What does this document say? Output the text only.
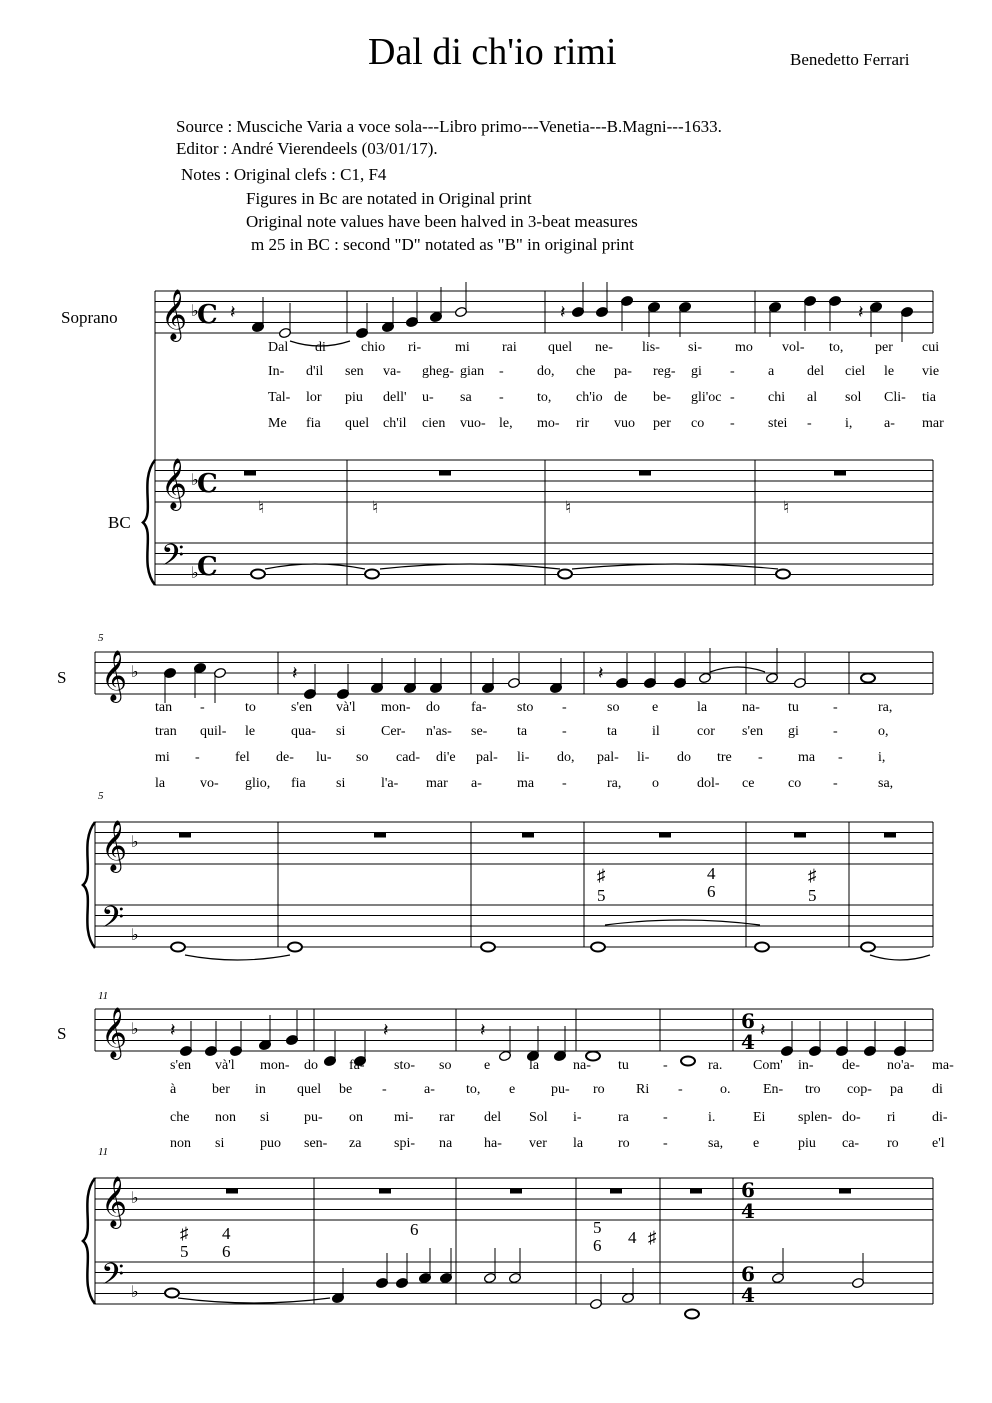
Dal di ch'io rimi	Benedetto Ferrari
Source : Musciche Varia a voce sola---Libro primo---Venetia---B.Magni---1633.
Editor : André Vierendeels (03/01/17).
Notes : Original clefs : C1, F4
Figures in Bc are notated in Original print
Original note values have been halved in 3-beat measures
m 25 in BC : second "D" notated as "B" in original print
Soprano
BC
S
S
5
5
11
11
𝄞
𝄞
𝄢
♭
♭
♭
𝄞
𝄞
𝄢
♭
♭
♭
𝄞
𝄞
𝄢
♭
♭
♭
C
C
C
6
4
6
4
6
4
𝄽	𝄽	𝄽
𝄽	𝄽
𝄽	𝄽	𝄽	𝄽
Dal di	chio ri- mi rai quel ne- lis- si- mo vol- to, per cui
In- d'il sen va- gheg- gian - do, che pa- reg- gi - a del ciel le vie
Tal- lor piu dell' u- sa - to, ch'io de be- gli'oc - chi al sol Cli- tia
Me fia quel ch'il cien vuo- le, mo- rir vuo per co - stei - i, a- mar
tan -	to	s'en và'l mon- do fa- sto -	so e	la na- tu -	ra,
tran quil- le	qua- si	Cer- n'as- se- ta -	ta il	cor s'en gi -	o,
mi -	fel de- lu- so cad- di'e pal- li- do, pal- li- do tre -	ma -	i,
la vo- glio, fia si	l'a- mar a-	ma -	ra, o	dol- ce co -	sa,
s'en và'l mon- do fa- sto- so e	la na- tu -	ra. Com' in- de- no'a- ma-
à	ber in quel be -	a- to, e	pu- ro Ri -	o. En- tro cop- pa di
che non si pu- on mi- rar del Sol i-	ra -	i.	Ei splen- do- ri	di-
non si	puo sen- za spi- na ha- ver la ro -	sa, e	piu ca- ro e'l
♮	♮	♮	♮
♯
5
4
6
♯
5
♯
5
4
6
6	5
6 4 ♯
